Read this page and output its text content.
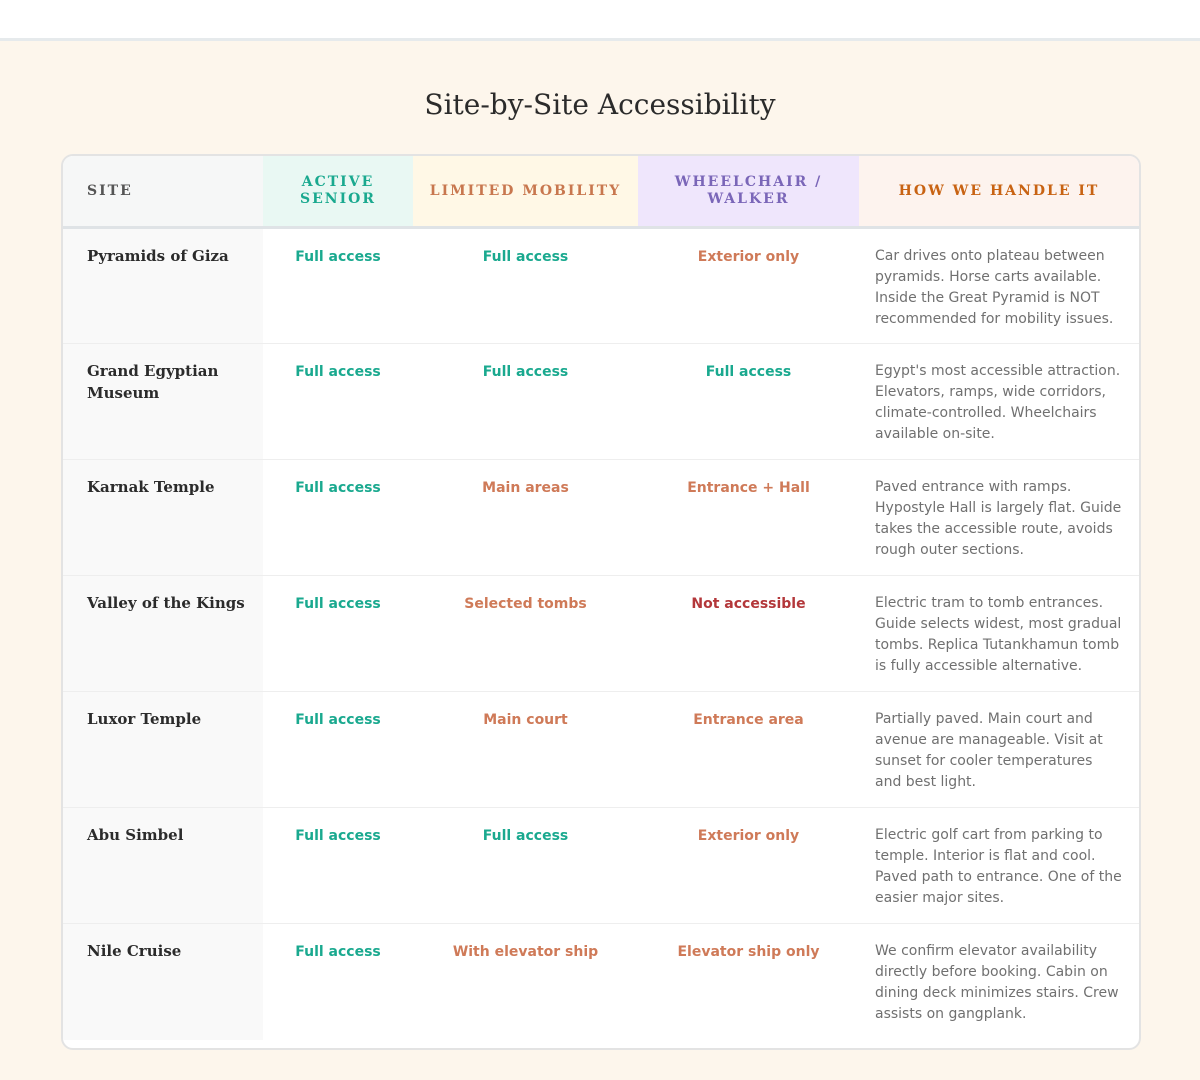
Site-by-Site Accessibility
SITE	ACTIVE SENIOR	LIMITED MOBILITY	WHEELCHAIR / WALKER	HOW WE HANDLE IT
Pyramids of Giza	Full access	Full access	Exterior only	Car drives onto plateau between pyramids. Horse carts available. Inside the Great Pyramid is NOT recommended for mobility issues.
Grand Egyptian Museum	Full access	Full access	Full access	Egypt's most accessible attraction. Elevators, ramps, wide corridors, climate-controlled. Wheelchairs available on-site.
Karnak Temple	Full access	Main areas	Entrance + Hall	Paved entrance with ramps. Hypostyle Hall is largely flat. Guide takes the accessible route, avoids rough outer sections.
Valley of the Kings	Full access	Selected tombs	Not accessible	Electric tram to tomb entrances. Guide selects widest, most gradual tombs. Replica Tutankhamun tomb is fully accessible alternative.
Luxor Temple	Full access	Main court	Entrance area	Partially paved. Main court and avenue are manageable. Visit at sunset for cooler temperatures and best light.
Abu Simbel	Full access	Full access	Exterior only	Electric golf cart from parking to temple. Interior is flat and cool. Paved path to entrance. One of the easier major sites.
Nile Cruise	Full access	With elevator ship	Elevator ship only	We confirm elevator availability directly before booking. Cabin on dining deck minimizes stairs. Crew assists on gangplank.
